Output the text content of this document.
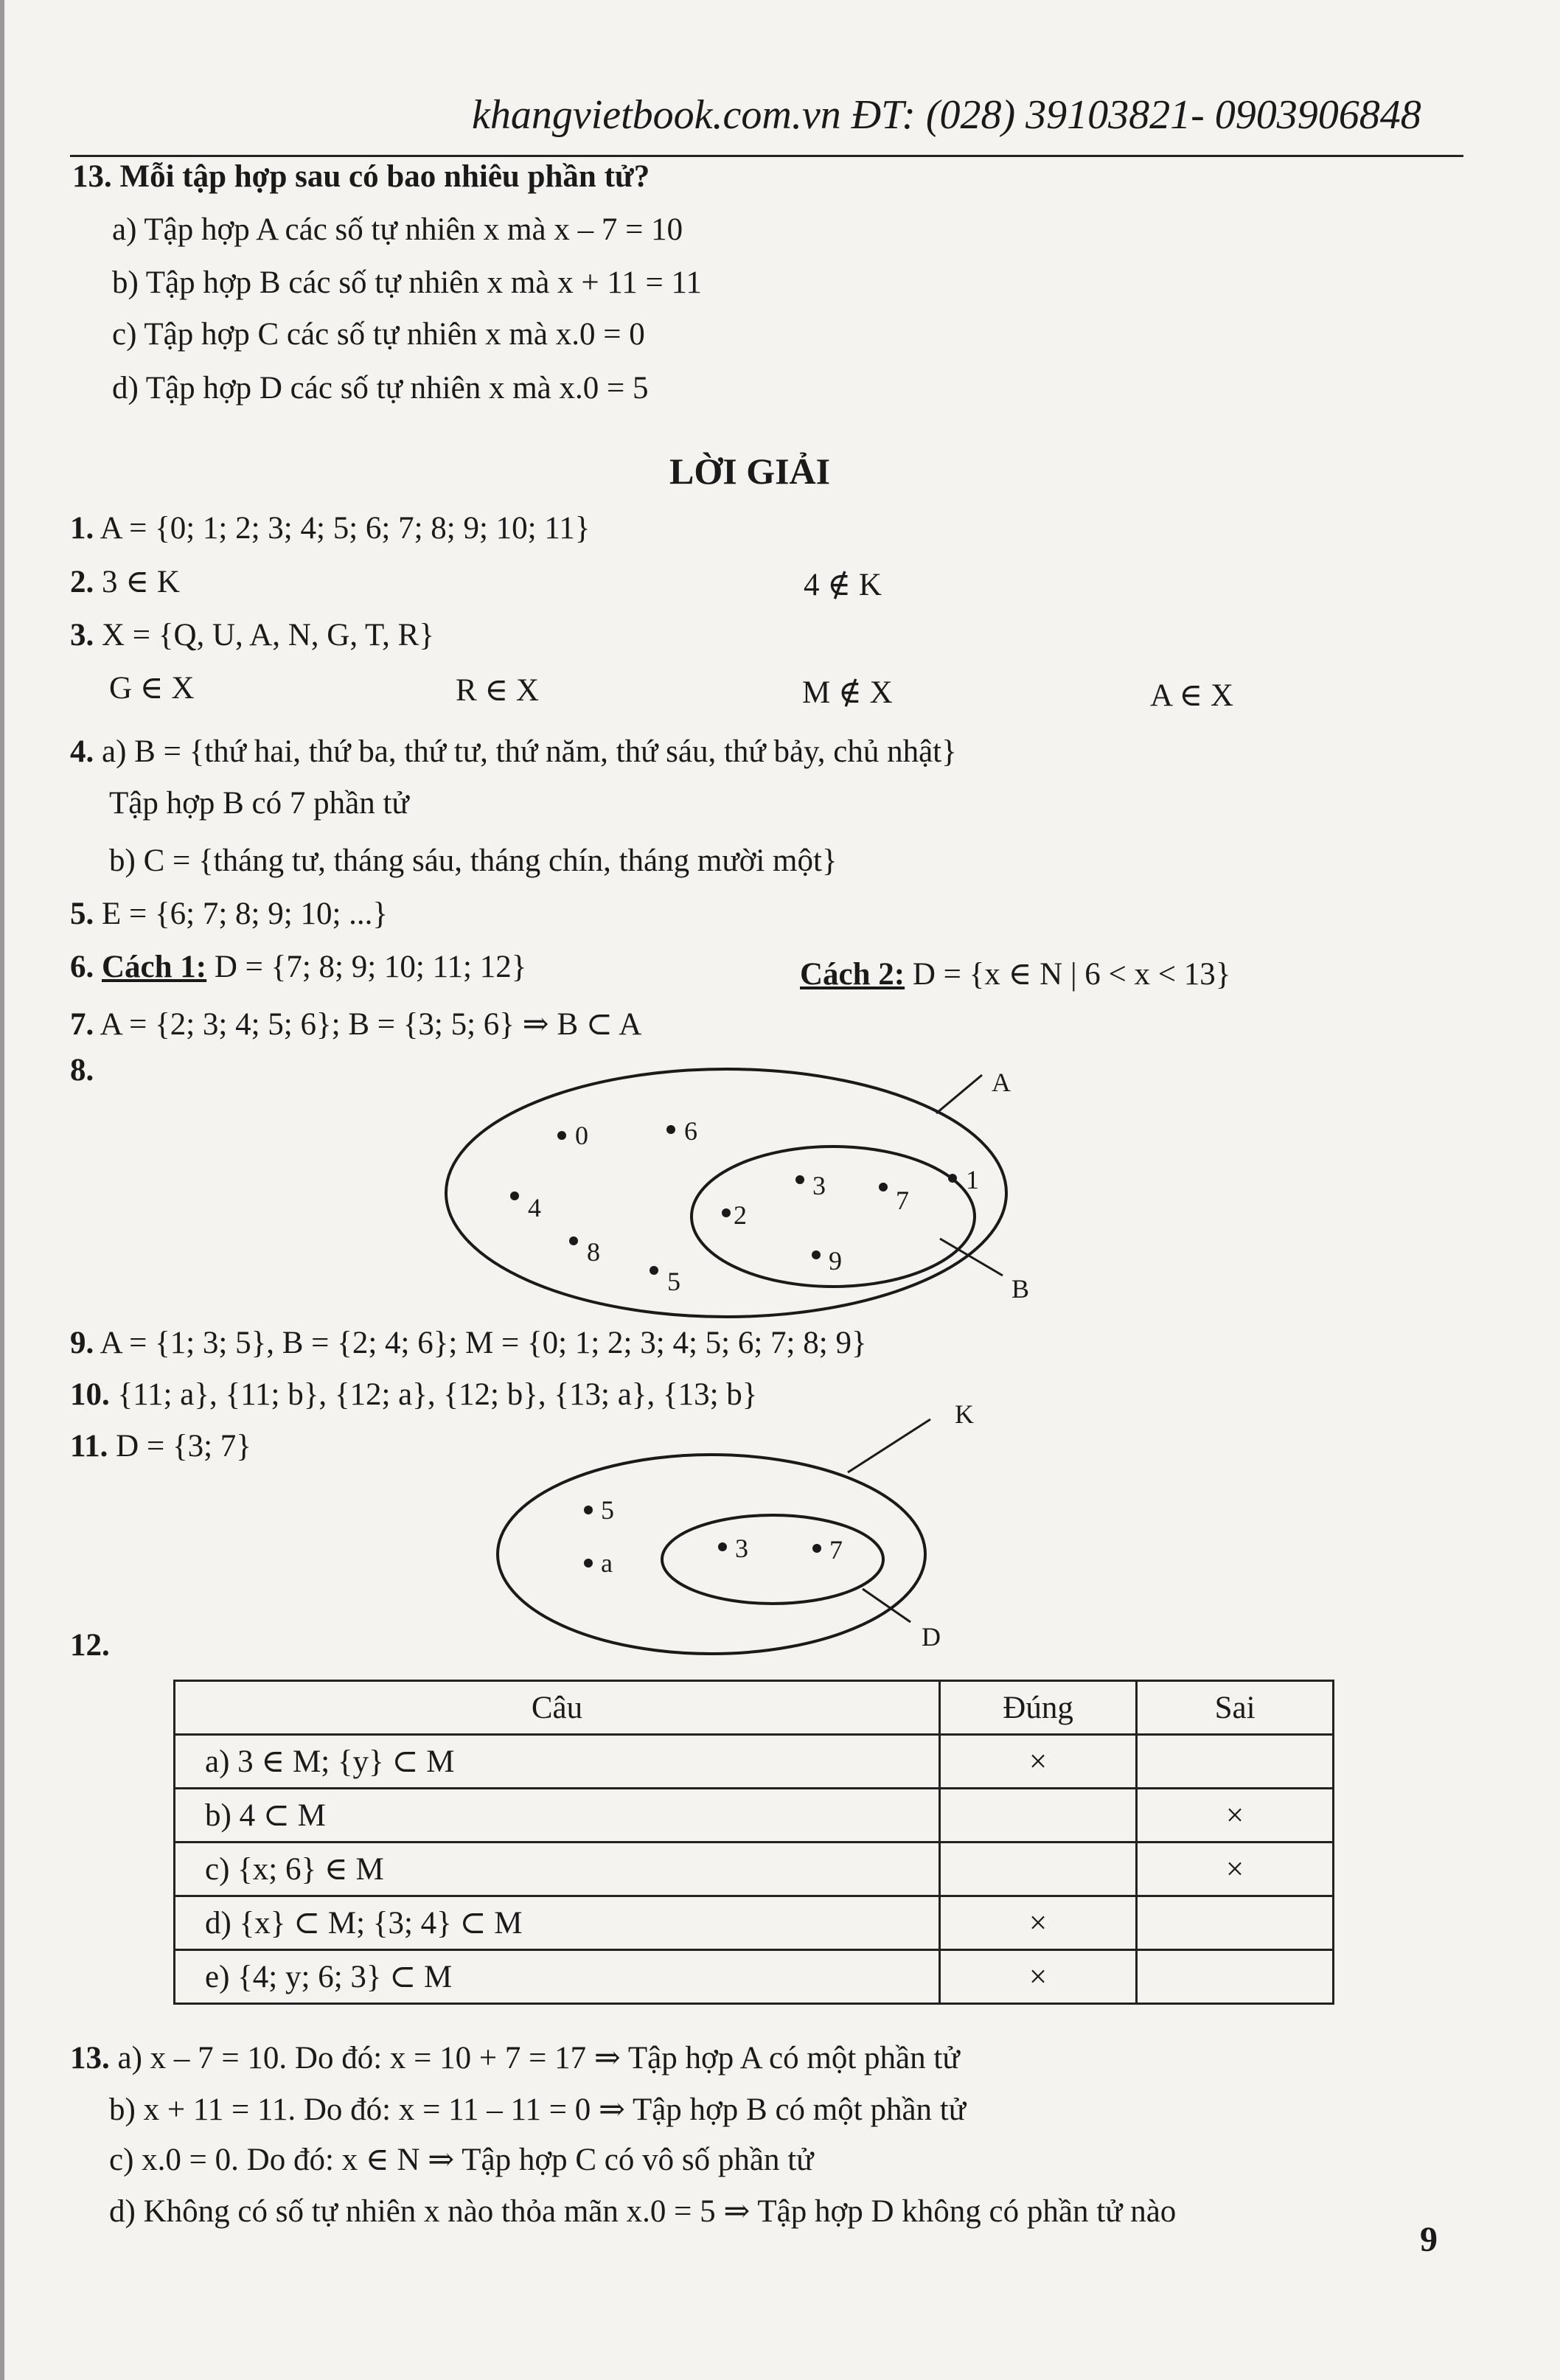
khangvietbook.com.vn ĐT: (028) 39103821- 0903906848
13. Mỗi tập hợp sau có bao nhiêu phần tử?
a) Tập hợp A các số tự nhiên x mà x – 7 = 10
b) Tập hợp B các số tự nhiên x mà x + 11 = 11
c) Tập hợp C các số tự nhiên x mà x.0 = 0
d) Tập hợp D các số tự nhiên x mà x.0 = 5
LỜI GIẢI
1. A = {0; 1; 2; 3; 4; 5; 6; 7; 8; 9; 10; 11}
2. 3 ∈ K	4 ∉ K
3. X = {Q, U, A, N, G, T, R}
G ∈ X	R ∈ X	M ∉ X	A ∈ X
4. a) B = {thứ hai, thứ ba, thứ tư, thứ năm, thứ sáu, thứ bảy, chủ nhật}
Tập hợp B có 7 phần tử
b) C = {tháng tư, tháng sáu, tháng chín, tháng mười một}
5. E = {6; 7; 8; 9; 10; ...}
6. Cách 1: D = {7; 8; 9; 10; 11; 12}	Cách 2: D = {x ∈ N | 6 < x < 13}
7. A = {2; 3; 4; 5; 6}; B = {3; 5; 6} ⇒ B ⊂ A
8.	A
B
0	6
4
8
5
1
2
3	7
9
K
D
5
a	3	7
9. A = {1; 3; 5}, B = {2; 4; 6}; M = {0; 1; 2; 3; 4; 5; 6; 7; 8; 9}
10. {11; a}, {11; b}, {12; a}, {12; b}, {13; a}, {13; b}
11. D = {3; 7}
12.
Câu	Đúng	Sai
a) 3 ∈ M; {y} ⊂ M	×	
b) 4 ⊂ M		×
c) {x; 6} ∈ M		×
d) {x} ⊂ M; {3; 4} ⊂ M	×	
e) {4; y; 6; 3} ⊂ M	×	
13. a) x – 7 = 10. Do đó: x = 10 + 7 = 17 ⇒ Tập hợp A có một phần tử
b) x + 11 = 11. Do đó: x = 11 – 11 = 0 ⇒ Tập hợp B có một phần tử
c) x.0 = 0. Do đó: x ∈ N ⇒ Tập hợp C có vô số phần tử
d) Không có số tự nhiên x nào thỏa mãn x.0 = 5 ⇒ Tập hợp D không có phần tử nào
9
